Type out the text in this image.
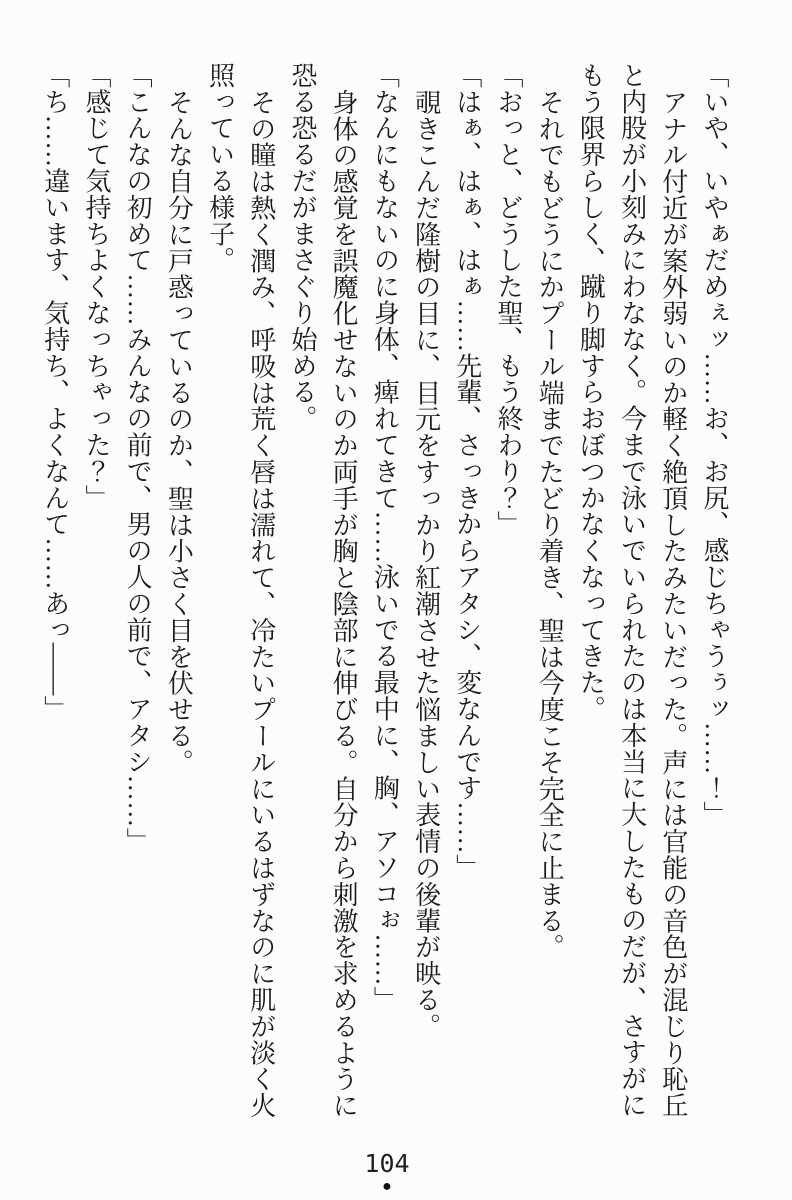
「いや、いやぁだめぇッ……お、お尻、感じちゃうぅッ……！」
アナル付近が案外弱いのか軽く絶頂したみたいだった。声には官能の音色が混じり恥丘
と内股が小刻みにわななく。今まで泳いでいられたのは本当に大したものだが、さすがに
もう限界らしく、蹴り脚すらおぼつかなくなってきた。
それでもどうにかプール端までたどり着き、聖は今度こそ完全に止まる。
「おっと、どうした聖、もう終わり？」
「はぁ、はぁ、はぁ……先輩、さっきからアタシ、変なんです……」
覗きこんだ隆樹の目に、目元をすっかり紅潮させた悩ましい表情の後輩が映る。
「なんにもないのに身体、痺れてきて……泳いでる最中に、胸、アソコぉ……」
身体の感覚を誤魔化せないのか両手が胸と陰部に伸びる。自分から刺激を求めるように
恐る恐るだがまさぐり始める。
その瞳は熱く潤み、呼吸は荒く唇は濡れて、冷たいプールにいるはずなのに肌が淡く火
照っている様子。
そんな自分に戸惑っているのか、聖は小さく目を伏せる。
「こんなの初めて……みんなの前で、男の人の前で、アタシ……」
「感じて気持ちよくなっちゃった？」
「ち……違います、気持ち、よくなんて……あっ――」
104
●
